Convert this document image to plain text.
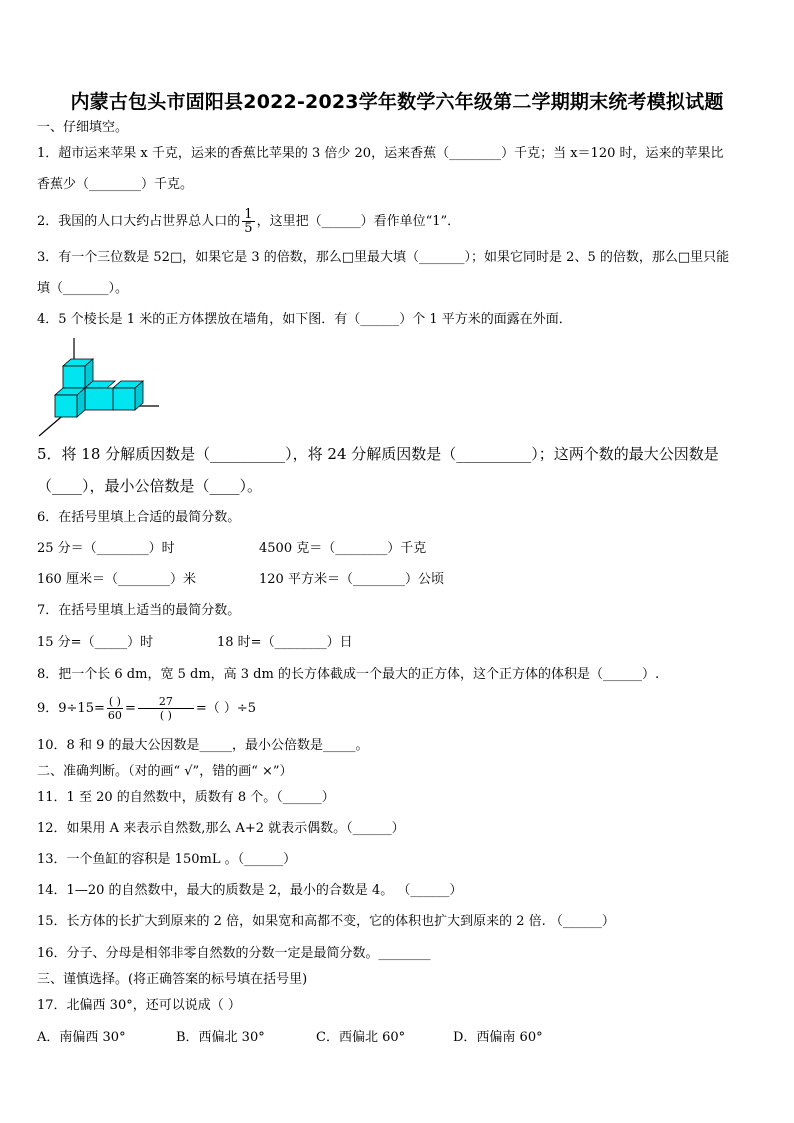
内蒙古包头市固阳县2022-2023学年数学六年级第二学期期末统考模拟试题
一、仔细填空。
1．超市运来苹果 x 千克，运来的香蕉比苹果的 3 倍少 20，运来香蕉（________）千克；当 x＝120 时，运来的苹果比
香蕉少（________）千克。
2．我国的人口大约占世界总人口的 $\frac{1}{5}$ ，这里把（______）看作单位“1”．
3．有一个三位数是 52□，如果它是 3 的倍数，那么□里最大填（_______）；如果它同时是 2、5 的倍数，那么□里只能
填（_______）。
4．5 个棱长是 1 米的正方体摆放在墙角，如下图．有（______）个 1 平方米的面露在外面．
5．将 18 分解质因数是（__________），将 24 分解质因数是（__________）；这两个数的最大公因数是
（____），最小公倍数是（____）。
6．在括号里填上合适的最简分数。
25 分＝（________）时	4500 克＝（________）千克
160 厘米＝（________）米	120 平方米＝（________）公顷
7．在括号里填上适当的最简分数。
15 分=（_____）时	18 时=（________）日
8．把一个长 6 dm，宽 5 dm，高 3 dm 的长方体截成一个最大的正方体，这个正方体的体积是（______）.
9．$9\div 15= \frac{( )}{60} = \frac{27}{( )}$ =（ ）÷5
10．8 和 9 的最大公因数是_____，最小公倍数是_____。
二、准确判断。（对的画“ √”，错的画“ ×”）
11．1 至 20 的自然数中，质数有 8 个。（______）
12．如果用 A 来表示自然数,那么 A+2 就表示偶数。（______）
13．一个鱼缸的容积是 150mL 。（______）
14．1—20 的自然数中，最大的质数是 2，最小的合数是 4。 （______）
15．长方体的长扩大到原来的 2 倍，如果宽和高都不变，它的体积也扩大到原来的 2 倍. （______）
16．分子、分母是相邻非零自然数的分数一定是最简分数。________
三、谨慎选择。(将正确答案的标号填在括号里)
17．北偏西 30°，还可以说成（ ）
A．南偏西 30°	B．西偏北 30°	C．西偏北 60°	D．西偏南 60°
